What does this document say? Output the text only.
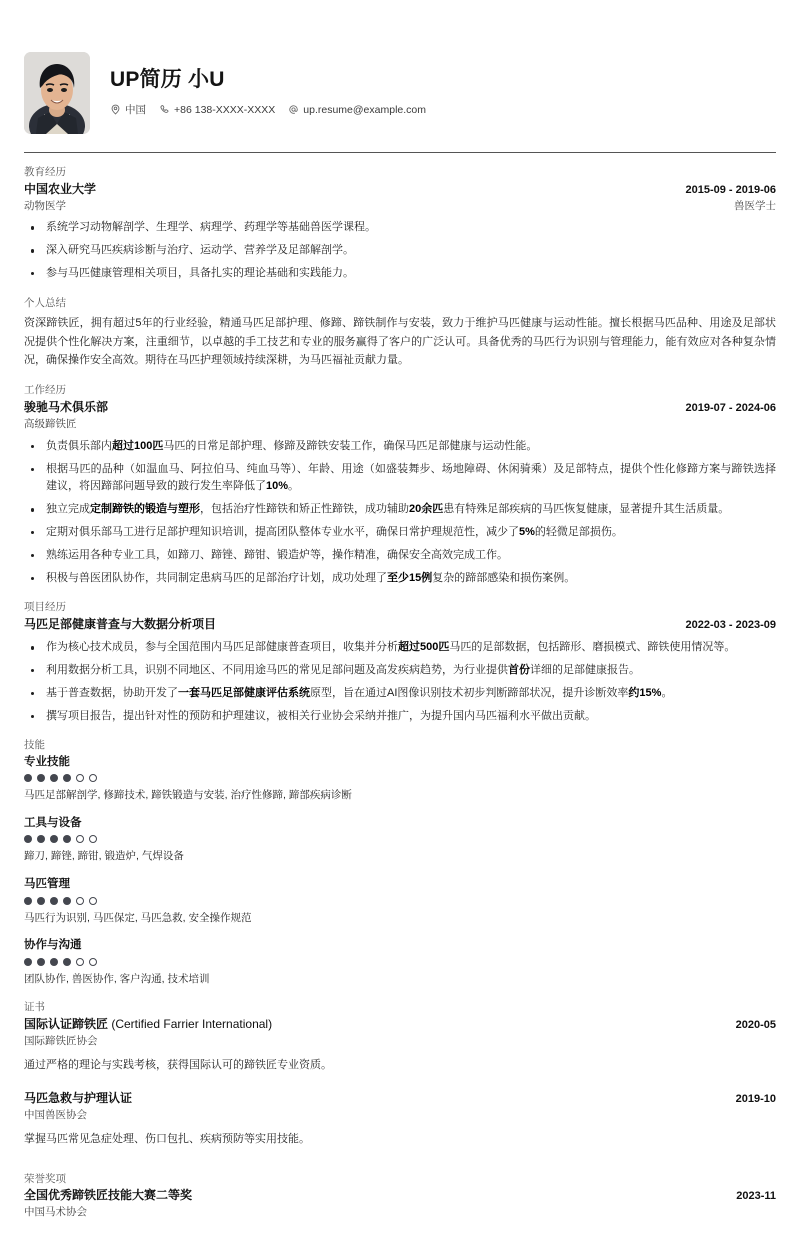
UP简历 小U
中国	+86 138-XXXX-XXXX	up.resume@example.com
教育经历
中国农业大学	2015-09 - 2019-06
动物医学	兽医学士
系统学习动物解剖学、生理学、病理学、药理学等基础兽医学课程。
深入研究马匹疾病诊断与治疗、运动学、营养学及足部解剖学。
参与马匹健康管理相关项目，具备扎实的理论基础和实践能力。
个人总结
资深蹄铁匠，拥有超过5年的行业经验，精通马匹足部护理、修蹄、蹄铁制作与安装，致力于维护马匹健康与运动性能。擅长根据马匹品种、用途及足部状况提供个性化解决方案，注重细节，以卓越的手工技艺和专业的服务赢得了客户的广泛认可。具备优秀的马匹行为识别与管理能力，能有效应对各种复杂情况，确保操作安全高效。期待在马匹护理领域持续深耕，为马匹福祉贡献力量。
工作经历
骏驰马术俱乐部	2019-07 - 2024-06
高级蹄铁匠
负责俱乐部内超过100匹马匹的日常足部护理、修蹄及蹄铁安装工作，确保马匹足部健康与运动性能。
根据马匹的品种（如温血马、阿拉伯马、纯血马等）、年龄、用途（如盛装舞步、场地障碍、休闲骑乘）及足部特点，提供个性化修蹄方案与蹄铁选择建议，将因蹄部问题导致的跛行发生率降低了10%。
独立完成定制蹄铁的锻造与塑形，包括治疗性蹄铁和矫正性蹄铁，成功辅助20余匹患有特殊足部疾病的马匹恢复健康，显著提升其生活质量。
定期对俱乐部马工进行足部护理知识培训，提高团队整体专业水平，确保日常护理规范性，减少了5%的轻微足部损伤。
熟练运用各种专业工具，如蹄刀、蹄锉、蹄钳、锻造炉等，操作精准，确保安全高效完成工作。
积极与兽医团队协作，共同制定患病马匹的足部治疗计划，成功处理了至少15例复杂的蹄部感染和损伤案例。
项目经历
马匹足部健康普查与大数据分析项目	2022-03 - 2023-09
作为核心技术成员，参与全国范围内马匹足部健康普查项目，收集并分析超过500匹马匹的足部数据，包括蹄形、磨损模式、蹄铁使用情况等。
利用数据分析工具，识别不同地区、不同用途马匹的常见足部问题及高发疾病趋势，为行业提供首份详细的足部健康报告。
基于普查数据，协助开发了一套马匹足部健康评估系统原型，旨在通过AI图像识别技术初步判断蹄部状况，提升诊断效率约15%。
撰写项目报告，提出针对性的预防和护理建议，被相关行业协会采纳并推广，为提升国内马匹福利水平做出贡献。
技能
专业技能
马匹足部解剖学, 修蹄技术, 蹄铁锻造与安装, 治疗性修蹄, 蹄部疾病诊断
工具与设备
蹄刀, 蹄锉, 蹄钳, 锻造炉, 气焊设备
马匹管理
马匹行为识别, 马匹保定, 马匹急救, 安全操作规范
协作与沟通
团队协作, 兽医协作, 客户沟通, 技术培训
证书
国际认证蹄铁匠 (Certified Farrier International)	2020-05
国际蹄铁匠协会
通过严格的理论与实践考核，获得国际认可的蹄铁匠专业资质。
马匹急救与护理认证	2019-10
中国兽医协会
掌握马匹常见急症处理、伤口包扎、疾病预防等实用技能。
荣誉奖项
全国优秀蹄铁匠技能大赛二等奖	2023-11
中国马术协会
